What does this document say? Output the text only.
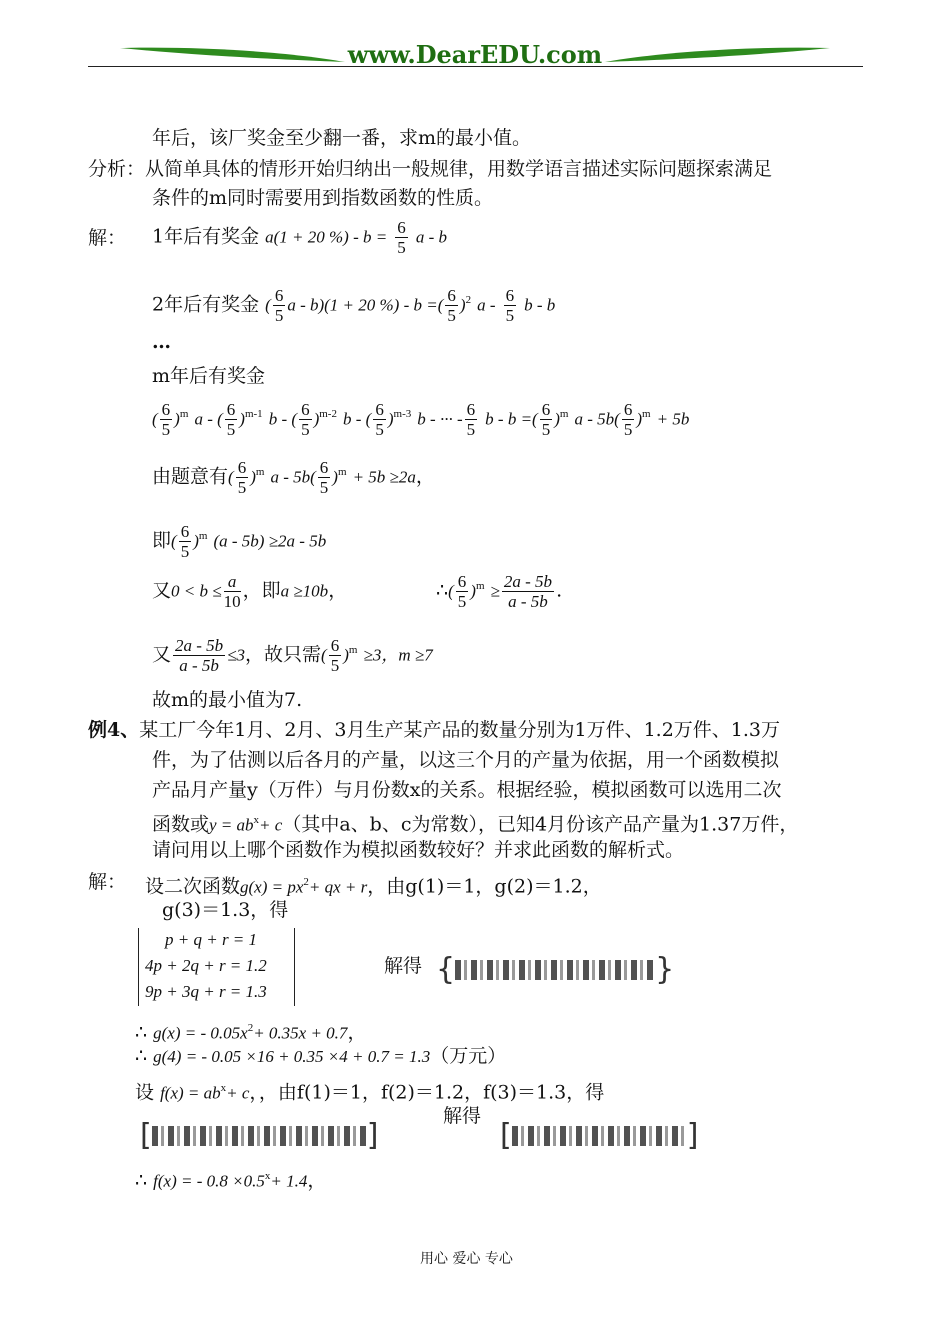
www.DearEDU.com
年后，该厂奖金至少翻一番，求m的最小值。
分析：从简单具体的情形开始归纳出一般规律，用数学语言描述实际问题探索满足
条件的m同时需要用到指数函数的性质。
解： 1年后有奖金 a(1 + 20 %) - $b = \frac{6}{5}$ a - b
2年后有奖金 ( $\frac{6}{5}$ a - b)(1 + 20 %) - b =( $\frac{6}{5} )^2$ a - $\frac{6}{5}$ b - b
…
m年后有奖金
( $\frac{6}{5} )^m$ a - ( $\frac{6}{5} )^{m-1}$ b - ( $\frac{6}{5} )^{m-2}$ b - ( $\frac{6}{5} )^{m-3}$ b - ··· - $\frac{6}{5}$ b - b =( $\frac{6}{5} )^m$ $a - 5b( \frac{6}{5} )^m + 5b$
由题意有( $\frac{6}{5} )^m$ $a - 5b( \frac{6}{5} )^m + 5b \ge 2a$，
即( $\frac{6}{5} )^m$ (a - 5b) ≥2a - 5b
又$0 < b \le \frac{a}{10}$ ，即a ≥10b，	∴( $\frac{6}{5} )^m \ge \frac{2a - 5b}{a - 5b}$ .
又 $\frac{2a - 5b}{a - 5b} \le 3$，故只需( $\frac{6}{5} )^m \ge 3$，m ≥7
故m的最小值为7.
例4、某工厂今年1月、2月、3月生产某产品的数量分别为1万件、1.2万件、1.3万
件，为了估测以后各月的产量，以这三个月的产量为依据，用一个函数模拟
产品月产量y（万件）与月份数x的关系。根据经验，模拟函数可以选用二次
函数或$y = ab^x+ c$（其中a、b、c为常数），已知4月份该产品产量为1.37万件，
请问用以上哪个函数作为模拟函数较好？并求此函数的解析式。
解： 设二次函数$g(x) = px^2+$ qx + r，由g(1)＝1，g(2)＝1.2，
g(3)＝1.3，得
p + q + r = 1
4p + 2q + r = 1.2
9p + 3q + r = 1.3
解得 {	}
∴ g(x) = - $0.05x^2+ 0.35x + 0.7$，
∴ g(4) = - 0.05 ×16 + 0.35 ×4 + 0.7 = 1.3（万元）
设 $f(x) = ab^x+ c$，，由f(1)＝1，f(2)＝1.2，f(3)＝1.3，得
[	]
解得
[	]
∴ f(x) = - $0.8 \times 0.5^x+ 1.4$，
用心 爱心 专心
